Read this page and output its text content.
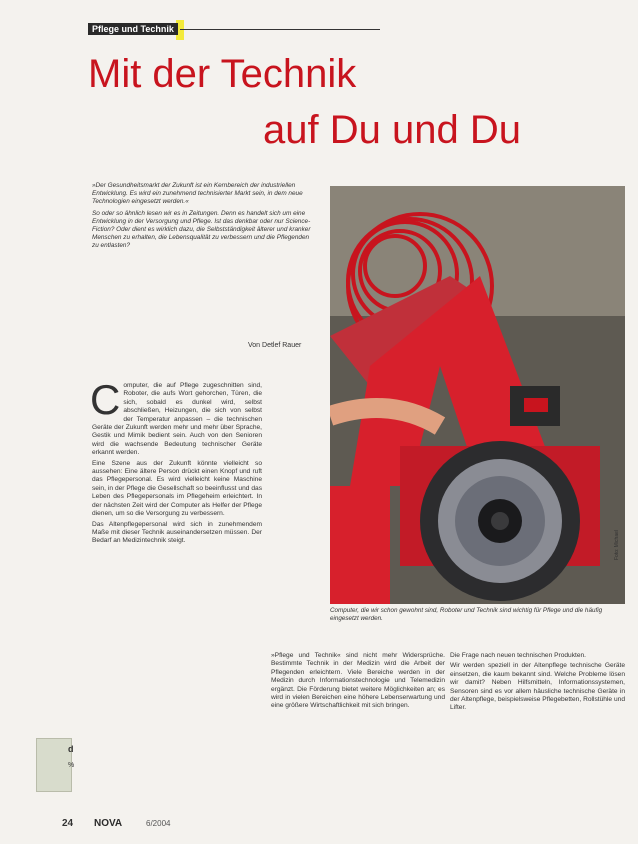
Pflege und Technik
Mit der Technik
auf Du und Du

»Der Gesundheitsmarkt der Zukunft ist ein Kernbereich der industriellen Entwicklung. Es wird ein zunehmend technisierter Markt sein, in dem neue Technologien eingesetzt werden.«

So oder so ähnlich lesen wir es in Zeitungen. Denn es handelt sich um eine Entwicklung in der Versorgung und Pflege. Ist das denkbar oder nur Science-Fiction? Oder dient es wirklich dazu, die Selbstständigkeit älterer und kranker Menschen zu erhalten, die Lebensqualität zu verbessern und die Pflegenden zu entlasten?

Von Detlef Rauer
Foto: Michael
Computer, die wir schon gewohnt sind, Roboter und Technik sind wichtig für Pflege und die häufig eingesetzt werden.

Computer, die auf Pflege zugeschnitten sind, Roboter, die aufs Wort gehorchen, Türen, die sich, sobald es dunkel wird, selbst abschließen, Heizungen, die sich von selbst der Temperatur anpassen – die technischen Geräte der Zukunft werden mehr und mehr über Sprache, Gestik und Mimik bedient sein. Auch von den Senioren wird die wachsende Bedeutung technischer Geräte erkannt werden.

Eine Szene aus der Zukunft könnte vielleicht so aussehen: Eine ältere Person drückt einen Knopf und ruft das Pflegepersonal. Es wird vielleicht keine Maschine sein, in der Pflege die Gesellschaft so beeinflusst und das Leben des Pflegepersonals im Pflegeheim erleichtert. In der nächsten Zeit wird der Computer als Helfer der Pflege dienen, um so die Versorgung zu verbessern.

Das Altenpflegepersonal wird sich in zunehmendem Maße mit dieser Technik auseinandersetzen müssen. Der Bedarf an Medizintechnik steigt.

»Pflege und Technik« sind nicht mehr Widersprüche. Bestimmte Technik in der Medizin wird die Arbeit der Pflegenden erleichtern. Viele Bereiche werden in der Medizin durch Informationstechnologie und Telemedizin ergänzt. Die Förderung bietet weitere Möglichkeiten an; es wird in vielen Bereichen eine höhere Lebenserwartung und eine größere Wirtschaftlichkeit mit sich bringen.

Die Frage nach neuen technischen Produkten.

Wir werden speziell in der Altenpflege technische Geräte einsetzen, die kaum bekannt sind. Welche Probleme lösen wir damit? Neben Hilfsmitteln, Informationssystemen, Sensoren sind es vor allem häusliche technische Geräte in der Altenpflege, beispielsweise Pflegebetten, Rollstühle und Lifter.

d
%
24 NOVA	6/2004
